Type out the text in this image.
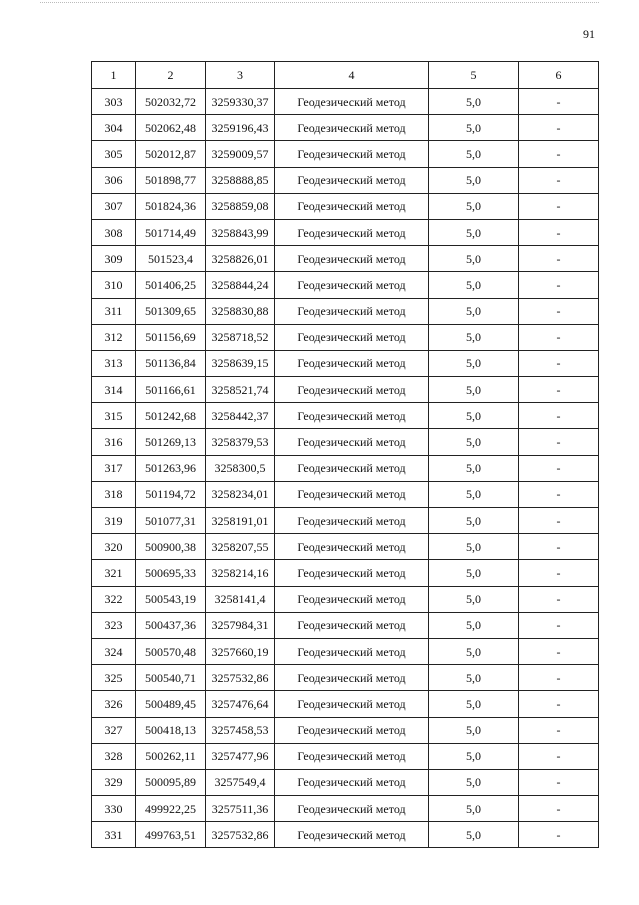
91
1	2	3	4	5	6
303	502032,72	3259330,37	Геодезический метод	5,0	-
304	502062,48	3259196,43	Геодезический метод	5,0	-
305	502012,87	3259009,57	Геодезический метод	5,0	-
306	501898,77	3258888,85	Геодезический метод	5,0	-
307	501824,36	3258859,08	Геодезический метод	5,0	-
308	501714,49	3258843,99	Геодезический метод	5,0	-
309	501523,4	3258826,01	Геодезический метод	5,0	-
310	501406,25	3258844,24	Геодезический метод	5,0	-
311	501309,65	3258830,88	Геодезический метод	5,0	-
312	501156,69	3258718,52	Геодезический метод	5,0	-
313	501136,84	3258639,15	Геодезический метод	5,0	-
314	501166,61	3258521,74	Геодезический метод	5,0	-
315	501242,68	3258442,37	Геодезический метод	5,0	-
316	501269,13	3258379,53	Геодезический метод	5,0	-
317	501263,96	3258300,5	Геодезический метод	5,0	-
318	501194,72	3258234,01	Геодезический метод	5,0	-
319	501077,31	3258191,01	Геодезический метод	5,0	-
320	500900,38	3258207,55	Геодезический метод	5,0	-
321	500695,33	3258214,16	Геодезический метод	5,0	-
322	500543,19	3258141,4	Геодезический метод	5,0	-
323	500437,36	3257984,31	Геодезический метод	5,0	-
324	500570,48	3257660,19	Геодезический метод	5,0	-
325	500540,71	3257532,86	Геодезический метод	5,0	-
326	500489,45	3257476,64	Геодезический метод	5,0	-
327	500418,13	3257458,53	Геодезический метод	5,0	-
328	500262,11	3257477,96	Геодезический метод	5,0	-
329	500095,89	3257549,4	Геодезический метод	5,0	-
330	499922,25	3257511,36	Геодезический метод	5,0	-
331	499763,51	3257532,86	Геодезический метод	5,0	-
